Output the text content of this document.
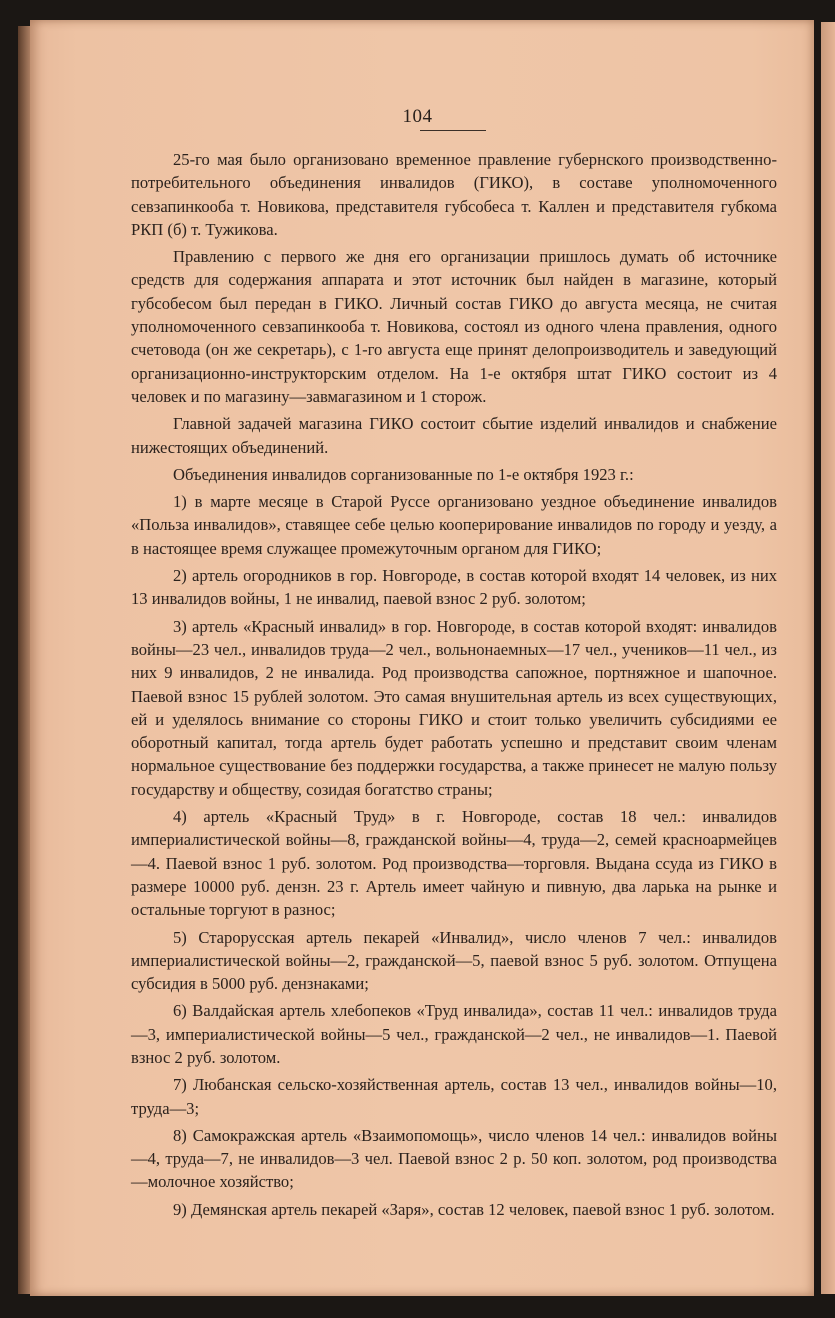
104

25-го мая было организовано временное правление губернского производственно-потребительного объединения инвалидов (ГИКО), в составе уполномоченного севзапинкооба т. Новикова, представителя губсобеса т. Каллен и представителя губкома РКП (б) т. Тужикова.

Правлению с первого же дня его организации пришлось думать об источнике средств для содержания аппарата и этот источник был найден в магазине, который губсобесом был передан в ГИКО. Личный состав ГИКО до августа месяца, не считая уполномоченного севзапинкооба т. Новикова, состоял из одного члена правления, одного счетовода (он же секретарь), с 1-го августа еще принят делопроизводитель и заведующий организационно-инструкторским отделом. На 1-е октября штат ГИКО состоит из 4 человек и по магазину—завмагазином и 1 сторож.

Главной задачей магазина ГИКО состоит сбытие изделий инвалидов и снабжение нижестоящих объединений.

Объединения инвалидов сорганизованные по 1-е октября 1923 г.:

1) в марте месяце в Старой Руссе организовано уездное объединение инвалидов «Польза инвалидов», ставящее себе целью кооперирование инвалидов по городу и уезду, а в настоящее время служащее промежуточным органом для ГИКО;

2) артель огородников в гор. Новгороде, в состав которой входят 14 человек, из них 13 инвалидов войны, 1 не инвалид, паевой взнос 2 руб. золотом;

3) артель «Красный инвалид» в гор. Новгороде, в состав которой входят: инвалидов войны—23 чел., инвалидов труда—2 чел., вольнонаемных—17 чел., учеников—11 чел., из них 9 инвалидов, 2 не инвалида. Род производства сапожное, портняжное и шапочное. Паевой взнос 15 рублей золотом. Это самая внушительная артель из всех существующих, ей и уделялось внимание со стороны ГИКО и стоит только увеличить субсидиями ее оборотный капитал, тогда артель будет работать успешно и представит своим членам нормальное существование без поддержки государства, а также принесет не малую пользу государству и обществу, созидая богатство страны;

4) артель «Красный Труд» в г. Новгороде, состав 18 чел.: инвалидов империалистической войны—8, гражданской войны—4, труда—2, семей красноармейцев—4. Паевой взнос 1 руб. золотом. Род производства—торговля. Выдана ссуда из ГИКО в размере 10000 руб. дензн. 23 г. Артель имеет чайную и пивную, два ларька на рынке и остальные торгуют в разнос;

5) Старорусская артель пекарей «Инвалид», число членов 7 чел.: инвалидов империалистической войны—2, гражданской—5, паевой взнос 5 руб. золотом. Отпущена субсидия в 5000 руб. дензнаками;

6) Валдайская артель хлебопеков «Труд инвалида», состав 11 чел.: инвалидов труда—3, империалистической войны—5 чел., гражданской—2 чел., не инвалидов—1. Паевой взнос 2 руб. золотом.

7) Любанская сельско-хозяйственная артель, состав 13 чел., инвалидов войны—10, труда—3;

8) Самокражская артель «Взаимопомощь», число членов 14 чел.: инвалидов войны—4, труда—7, не инвалидов—3 чел. Паевой взнос 2 р. 50 коп. золотом, род производства—молочное хозяйство;

9) Демянская артель пекарей «Заря», состав 12 человек, паевой взнос 1 руб. золотом.
